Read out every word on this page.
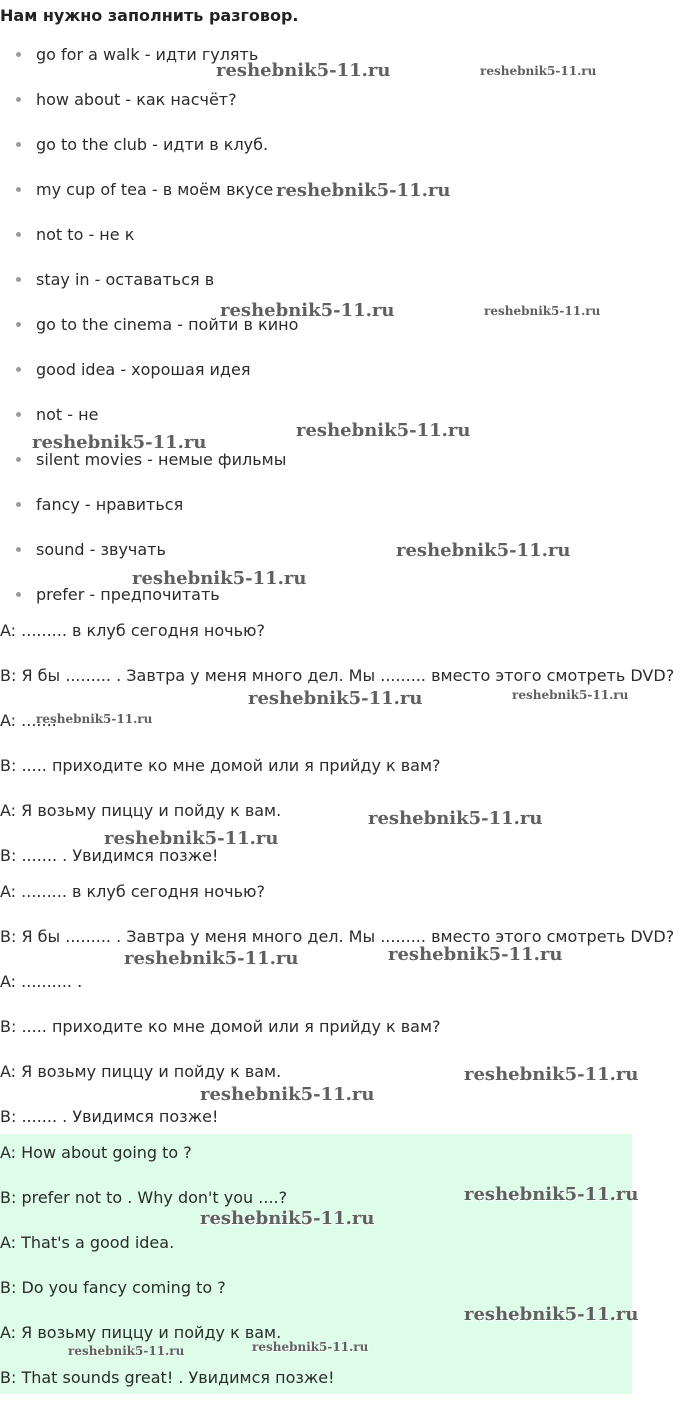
Нам нужно заполнить разговор.
go for a walk - идти гулять
how about - как насчёт?
go to the club - идти в клуб.
my cup of tea - в моём вкусе
not to - не к
stay in - оставаться в
go to the cinema - пойти в кино
good idea - хорошая идея
not - не
silent movies - немые фильмы
fancy - нравиться
sound - звучать
prefer - предпочитать

A: ......... в клуб сегодня ночью?

B: Я бы ......... . Завтра у меня много дел. Мы ......... вместо этого смотреть DVD?

A: .......

B: ..... приходите ко мне домой или я прийду к вам?

A: Я возьму пиццу и пойду к вам.

B: ....... . Увидимся позже!

A: ......... в клуб сегодня ночью?

B: Я бы ......... . Завтра у меня много дел. Мы ......... вместо этого смотреть DVD?

A: .......... .

B: ..... приходите ко мне домой или я прийду к вам?

A: Я возьму пиццу и пойду к вам.

B: ....... . Увидимся позже!

A: How about going to ?

B: prefer not to . Why don't you ....?

A: That's a good idea.

B: Do you fancy coming to ?

A: Я возьму пиццу и пойду к вам.

B: That sounds great! . Увидимся позже!

reshebnik5-11.ru	reshebnik5-11.ru
reshebnik5-11.ru
reshebnik5-11.ru	reshebnik5-11.ru
reshebnik5-11.ru
reshebnik5-11.ru
reshebnik5-11.ru
reshebnik5-11.ru
reshebnik5-11.ru	reshebnik5-11.ru
reshebnik5-11.ru
reshebnik5-11.ru
reshebnik5-11.ru
reshebnik5-11.ru
reshebnik5-11.ru
reshebnik5-11.ru
reshebnik5-11.ru
reshebnik5-11.ru
reshebnik5-11.ru
reshebnik5-11.ru
reshebnik5-11.ru
reshebnik5-11.ru
